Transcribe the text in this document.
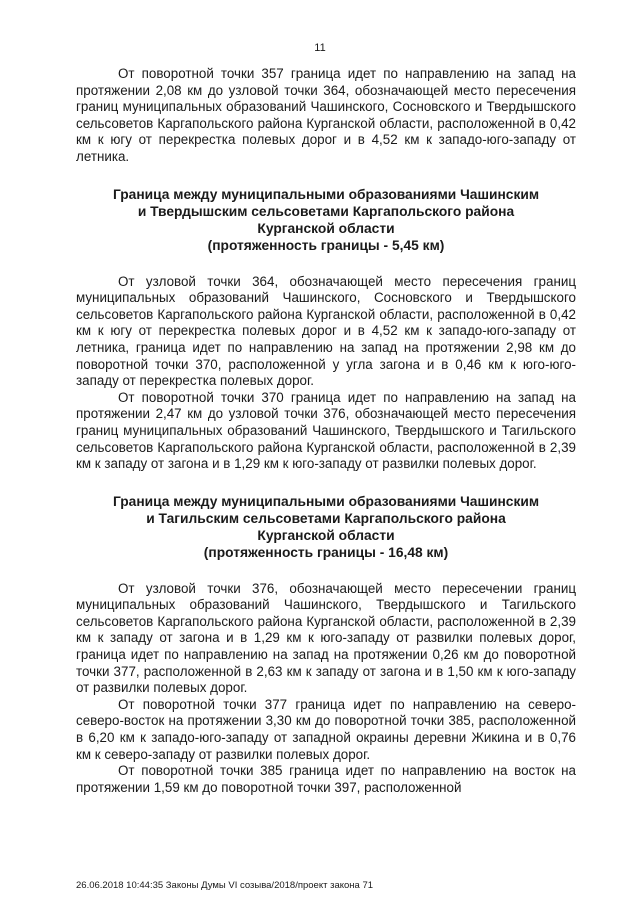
11

От поворотной точки 357 граница идет по направлению на запад на протяжении 2,08 км до узловой точки 364, обозначающей место пересечения границ муниципальных образований Чашинского, Сосновского и Твердышского сельсоветов Каргапольского района Курганской области, расположенной в 0,42 км к югу от перекрестка полевых дорог и в 4,52 км к западо-юго-западу от летника.

Граница между муниципальными образованиями Чашинским
и Твердышским сельсоветами Каргапольского района
Курганской области
(протяженность границы - 5,45 км)

От узловой точки 364, обозначающей место пересечения границ муниципальных образований Чашинского, Сосновского и Твердышского сельсоветов Каргапольского района Курганской области, расположенной в 0,42 км к югу от перекрестка полевых дорог и в 4,52 км к западо-юго-западу от летника, граница идет по направлению на запад на протяжении 2,98 км до поворотной точки 370, расположенной у угла загона и в 0,46 км к юго-юго-западу от перекрестка полевых дорог.

От поворотной точки 370 граница идет по направлению на запад на протяжении 2,47 км до узловой точки 376, обозначающей место пересечения границ муниципальных образований Чашинского, Твердышского и Тагильского сельсоветов Каргапольского района Курганской области, расположенной в 2,39 км к западу от загона и в 1,29 км к юго-западу от развилки полевых дорог.

Граница между муниципальными образованиями Чашинским
и Тагильским сельсоветами Каргапольского района
Курганской области
(протяженность границы - 16,48 км)

От узловой точки 376, обозначающей место пересечении границ муниципальных образований Чашинского, Твердышского и Тагильского сельсоветов Каргапольского района Курганской области, расположенной в 2,39 км к западу от загона и в 1,29 км к юго-западу от развилки полевых дорог, граница идет по направлению на запад на протяжении 0,26 км до поворотной точки 377, расположенной в 2,63 км к западу от загона и в 1,50 км к юго-западу от развилки полевых дорог.

От поворотной точки 377 граница идет по направлению на северо-северо-восток на протяжении 3,30 км до поворотной точки 385, расположенной в 6,20 км к западо-юго-западу от западной окраины деревни Жикина и в 0,76 км к северо-западу от развилки полевых дорог.

От поворотной точки 385 граница идет по направлению на восток на протяжении 1,59 км до поворотной точки 397, расположенной

26.06.2018 10:44:35 Законы Думы VI созыва/2018/проект закона 71
